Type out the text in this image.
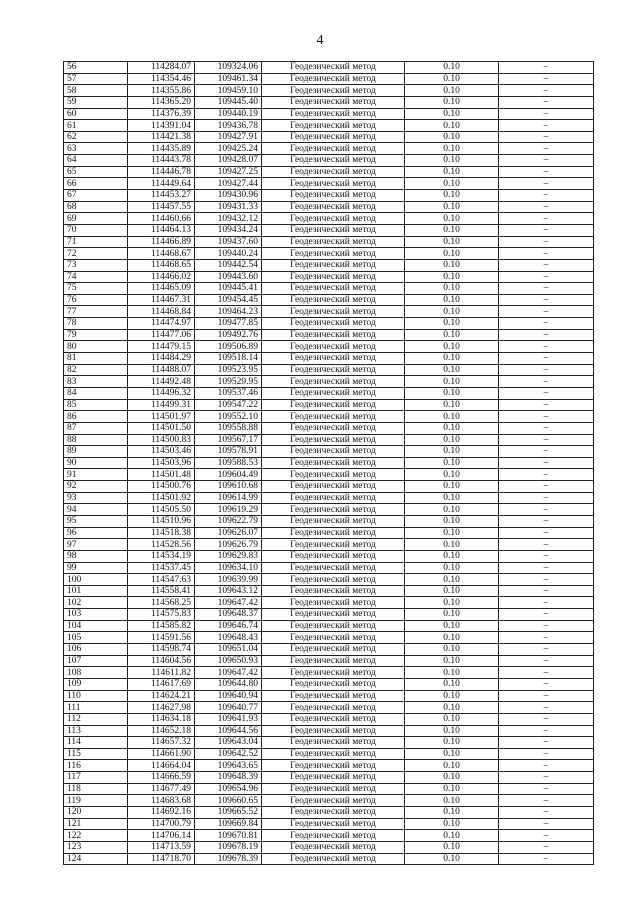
4
56	114284.07	109324.06	Геодезический метод	0.10	–
57	114354.46	109461.34	Геодезический метод	0.10	–
58	114355.86	109459.10	Геодезический метод	0.10	–
59	114365.20	109445.40	Геодезический метод	0.10	–
60	114376.39	109440.19	Геодезический метод	0.10	–
61	114391.04	109436.78	Геодезический метод	0.10	–
62	114421.38	109427.91	Геодезический метод	0.10	–
63	114435.89	109425.24	Геодезический метод	0.10	–
64	114443.78	109428.07	Геодезический метод	0.10	–
65	114446.78	109427.25	Геодезический метод	0.10	–
66	114449.64	109427.44	Геодезический метод	0.10	–
67	114453.27	109430.96	Геодезический метод	0.10	–
68	114457.55	109431.33	Геодезический метод	0.10	–
69	114460.66	109432.12	Геодезический метод	0.10	–
70	114464.13	109434.24	Геодезический метод	0.10	–
71	114466.89	109437.60	Геодезический метод	0.10	–
72	114468.67	109440.24	Геодезический метод	0.10	–
73	114468.65	109442.54	Геодезический метод	0.10	–
74	114466.02	109443.60	Геодезический метод	0.10	–
75	114465.09	109445.41	Геодезический метод	0.10	–
76	114467.31	109454.45	Геодезический метод	0.10	–
77	114468.84	109464.23	Геодезический метод	0.10	–
78	114474.97	109477.85	Геодезический метод	0.10	–
79	114477.06	109492.76	Геодезический метод	0.10	–
80	114479.15	109506.89	Геодезический метод	0.10	–
81	114484.29	109518.14	Геодезический метод	0.10	–
82	114488.07	109523.95	Геодезический метод	0.10	–
83	114492.48	109529.95	Геодезический метод	0.10	–
84	114496.32	109537.46	Геодезический метод	0.10	–
85	114499.31	109547.22	Геодезический метод	0.10	–
86	114501.97	109552.10	Геодезический метод	0.10	–
87	114501.50	109558.88	Геодезический метод	0.10	–
88	114500.83	109567.17	Геодезический метод	0.10	–
89	114503.46	109578.91	Геодезический метод	0.10	–
90	114503.96	109588.53	Геодезический метод	0.10	–
91	114501.48	109604.49	Геодезический метод	0.10	–
92	114500.76	109610.68	Геодезический метод	0.10	–
93	114501.92	109614.99	Геодезический метод	0.10	–
94	114505.50	109619.29	Геодезический метод	0.10	–
95	114510.96	109622.79	Геодезический метод	0.10	–
96	114518.38	109626.07	Геодезический метод	0.10	–
97	114528.56	109626.79	Геодезический метод	0.10	–
98	114534.19	109629.83	Геодезический метод	0.10	–
99	114537.45	109634.10	Геодезический метод	0.10	–
100	114547.63	109639.99	Геодезический метод	0.10	–
101	114558.41	109643.12	Геодезический метод	0.10	–
102	114568.25	109647.42	Геодезический метод	0.10	–
103	114575.83	109648.37	Геодезический метод	0.10	–
104	114585.82	109646.74	Геодезический метод	0.10	–
105	114591.56	109648.43	Геодезический метод	0.10	–
106	114598.74	109651.04	Геодезический метод	0.10	–
107	114604.56	109650.93	Геодезический метод	0.10	–
108	114611.82	109647.42	Геодезический метод	0.10	–
109	114617.69	109644.80	Геодезический метод	0.10	–
110	114624.21	109640.94	Геодезический метод	0.10	–
111	114627.98	109640.77	Геодезический метод	0.10	–
112	114634.18	109641.93	Геодезический метод	0.10	–
113	114652.18	109644.56	Геодезический метод	0.10	–
114	114657.32	109643.04	Геодезический метод	0.10	–
115	114661.90	109642.52	Геодезический метод	0.10	–
116	114664.04	109643.65	Геодезический метод	0.10	–
117	114666.59	109648.39	Геодезический метод	0.10	–
118	114677.49	109654.96	Геодезический метод	0.10	–
119	114683.68	109660.65	Геодезический метод	0.10	–
120	114692.16	109665.52	Геодезический метод	0.10	–
121	114700.79	109669.84	Геодезический метод	0.10	–
122	114706.14	109670.81	Геодезический метод	0.10	–
123	114713.59	109678.19	Геодезический метод	0.10	–
124	114718.70	109678.39	Геодезический метод	0.10	–
